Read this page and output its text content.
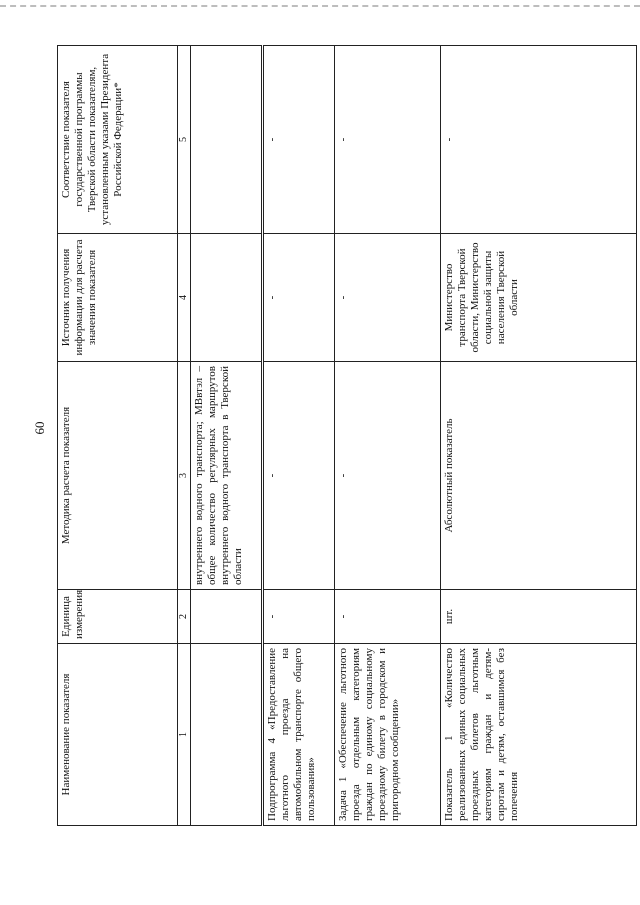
60
Наименование показателя	Единица измерения	Методика расчета показателя	Источник получения информации для расчета значения показателя	Соответствие показателя государственной программы Тверской области показателям, установленным указами Президента Российской Федерации*
1	2	3	4	5
		внутреннего водного транспорта; МВвтэл – общее количество регулярных маршрутов внутреннего водного транспорта в Тверской области		
Подпрограмма 4 «Предоставление льготного проезда на автомобильном транспорте общего пользования»	-	-	-	-
Задача 1 «Обеспечение льготного проезда отдельным категориям граждан по единому социальному проездному билету в городском и пригородном сообщении»	-	-	-	-
Показатель 1 «Количество реализованных единых социальных проездных билетов льготным категориям граждан и детям-сиротам и детям, оставшимся без попечения	шт.	Абсолютный показатель	Министерство транспорта Тверской области, Министерство социальной защиты населения Тверской области	-
